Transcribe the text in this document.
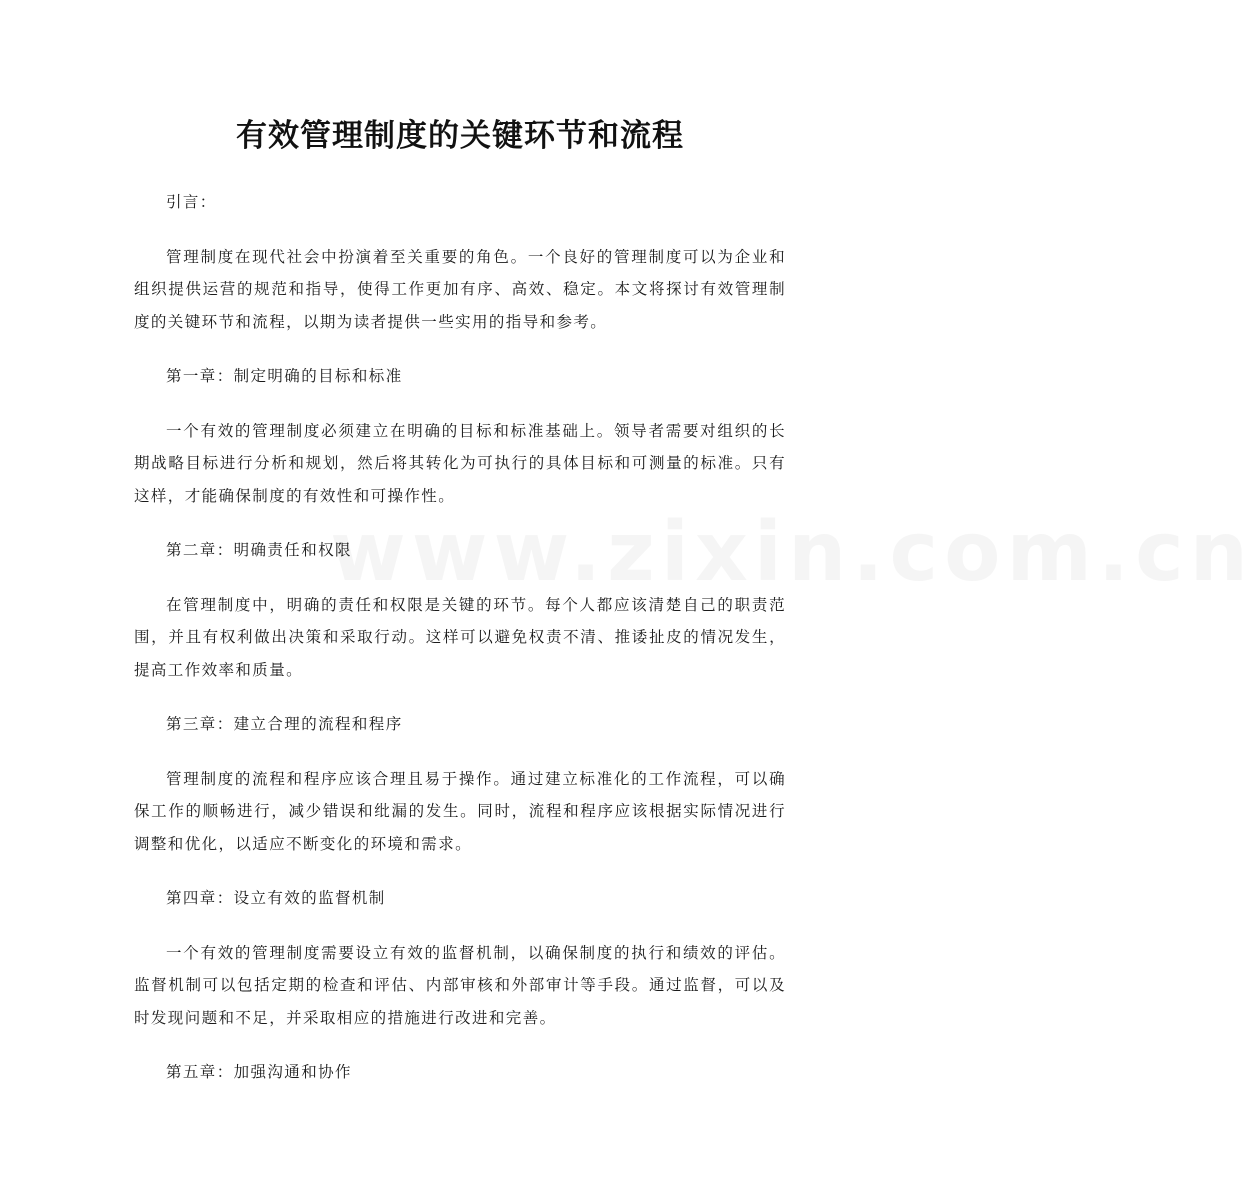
有效管理制度的关键环节和流程
www.zixin.com.cn

引言：

管理制度在现代社会中扮演着至关重要的角色。一个良好的管理制度可以为企业和组织提供运营的规范和指导，使得工作更加有序、高效、稳定。本文将探讨有效管理制度的关键环节和流程，以期为读者提供一些实用的指导和参考。

第一章：制定明确的目标和标准

一个有效的管理制度必须建立在明确的目标和标准基础上。领导者需要对组织的长期战略目标进行分析和规划，然后将其转化为可执行的具体目标和可测量的标准。只有这样，才能确保制度的有效性和可操作性。

第二章：明确责任和权限

在管理制度中，明确的责任和权限是关键的环节。每个人都应该清楚自己的职责范围，并且有权利做出决策和采取行动。这样可以避免权责不清、推诿扯皮的情况发生，提高工作效率和质量。

第三章：建立合理的流程和程序

管理制度的流程和程序应该合理且易于操作。通过建立标准化的工作流程，可以确保工作的顺畅进行，减少错误和纰漏的发生。同时，流程和程序应该根据实际情况进行调整和优化，以适应不断变化的环境和需求。

第四章：设立有效的监督机制

一个有效的管理制度需要设立有效的监督机制，以确保制度的执行和绩效的评估。监督机制可以包括定期的检查和评估、内部审核和外部审计等手段。通过监督，可以及时发现问题和不足，并采取相应的措施进行改进和完善。

第五章：加强沟通和协作
